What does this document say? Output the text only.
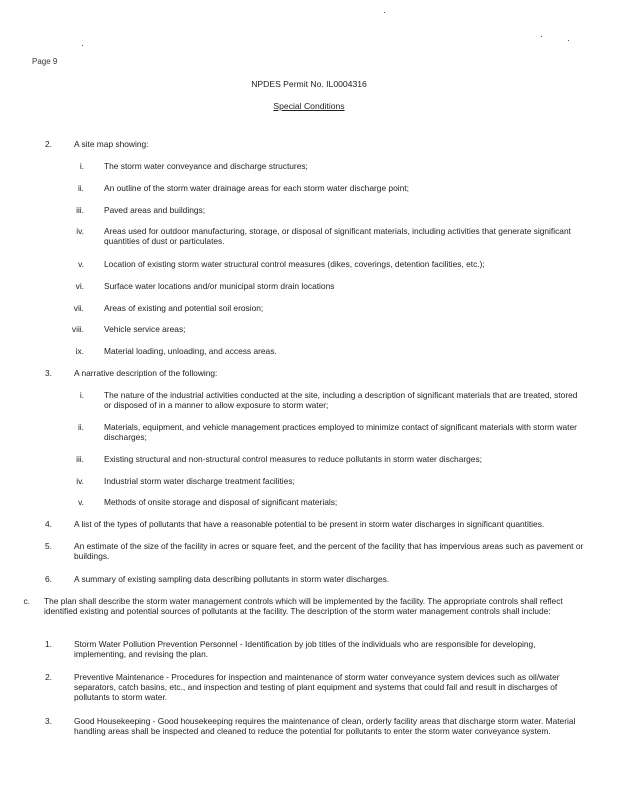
Page 9
NPDES Permit No. IL0004316
Special Conditions
2.	A site map showing:
i. The storm water conveyance and discharge structures;
ii. An outline of the storm water drainage areas for each storm water discharge point;
iii. Paved areas and buildings;
iv. Areas used for outdoor manufacturing, storage, or disposal of significant materials, including activities that generate significant quantities of dust or particulates.
v. Location of existing storm water structural control measures (dikes, coverings, detention facilities, etc.);
vi. Surface water locations and/or municipal storm drain locations
vii. Areas of existing and potential soil erosion;
viii. Vehicle service areas;
ix. Material loading, unloading, and access areas.
3.	A narrative description of the following:
i. The nature of the industrial activities conducted at the site, including a description of significant materials that are treated, stored or disposed of in a manner to allow exposure to storm water;
ii. Materials, equipment, and vehicle management practices employed to minimize contact of significant materials with storm water discharges;
iii. Existing structural and non-structural control measures to reduce pollutants in storm water discharges;
iv. Industrial storm water discharge treatment facilities;
v. Methods of onsite storage and disposal of significant materials;
4.	A list of the types of pollutants that have a reasonable potential to be present in storm water discharges in significant quantities.
5.	An estimate of the size of the facility in acres or square feet, and the percent of the facility that has impervious areas such as pavement or buildings.
6.	A summary of existing sampling data describing pollutants in storm water discharges.
c. The plan shall describe the storm water management controls which will be implemented by the facility. The appropriate controls shall reflect identified existing and potential sources of pollutants at the facility. The description of the storm water management controls shall include:
1.	Storm Water Pollution Prevention Personnel - Identification by job titles of the individuals who are responsible for developing, implementing, and revising the plan.
2.	Preventive Maintenance - Procedures for inspection and maintenance of storm water conveyance system devices such as oil/water separators, catch basins, etc., and inspection and testing of plant equipment and systems that could fail and result in discharges of pollutants to storm water.
3.	Good Housekeeping - Good housekeeping requires the maintenance of clean, orderly facility areas that discharge storm water. Material handling areas shall be inspected and cleaned to reduce the potential for pollutants to enter the storm water conveyance system.
